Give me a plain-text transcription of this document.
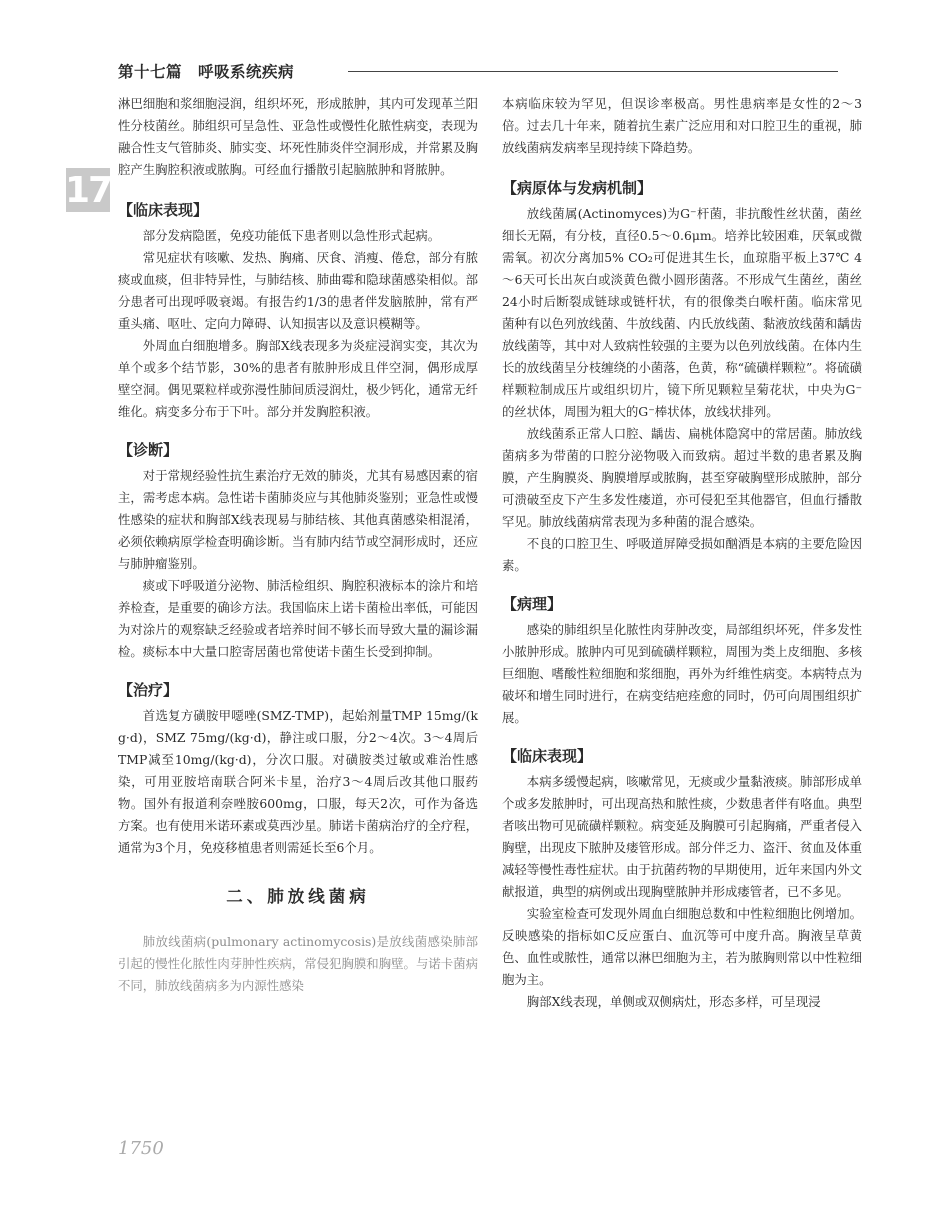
第十七篇　呼吸系统疾病
17

淋巴细胞和浆细胞浸润，组织坏死，形成脓肿，其内可发现革兰阳性分枝菌丝。肺组织可呈急性、亚急性或慢性化脓性病变，表现为融合性支气管肺炎、肺实变、坏死性肺炎伴空洞形成，并常累及胸腔产生胸腔积液或脓胸。可经血行播散引起脑脓肿和肾脓肿。

【临床表现】

部分发病隐匿，免疫功能低下患者则以急性形式起病。

常见症状有咳嗽、发热、胸痛、厌食、消瘦、倦怠，部分有脓痰或血痰，但非特异性，与肺结核、肺曲霉和隐球菌感染相似。部分患者可出现呼吸衰竭。有报告约1/3的患者伴发脑脓肿，常有严重头痛、呕吐、定向力障碍、认知损害以及意识模糊等。

外周血白细胞增多。胸部X线表现多为炎症浸润实变，其次为单个或多个结节影，30%的患者有脓肿形成且伴空洞，偶形成厚壁空洞。偶见粟粒样或弥漫性肺间质浸润灶，极少钙化，通常无纤维化。病变多分布于下叶。部分并发胸腔积液。

【诊断】

对于常规经验性抗生素治疗无效的肺炎，尤其有易感因素的宿主，需考虑本病。急性诺卡菌肺炎应与其他肺炎鉴别；亚急性或慢性感染的症状和胸部X线表现易与肺结核、其他真菌感染相混淆，必须依赖病原学检查明确诊断。当有肺内结节或空洞形成时，还应与肺肿瘤鉴别。

痰或下呼吸道分泌物、肺活检组织、胸腔积液标本的涂片和培养检查，是重要的确诊方法。我国临床上诺卡菌检出率低，可能因为对涂片的观察缺乏经验或者培养时间不够长而导致大量的漏诊漏检。痰标本中大量口腔寄居菌也常使诺卡菌生长受到抑制。

【治疗】

首选复方磺胺甲噁唑(SMZ-TMP)，起始剂量TMP 15mg/(kg·d)，SMZ 75mg/(kg·d)，静注或口服，分2～4次。3～4周后TMP减至10mg/(kg·d)，分次口服。对磺胺类过敏或难治性感染，可用亚胺培南联合阿米卡星，治疗3～4周后改其他口服药物。国外有报道利奈唑胺600mg，口服，每天2次，可作为备选方案。也有使用米诺环素或莫西沙星。肺诺卡菌病治疗的全疗程，通常为3个月，免疫移植患者则需延长至6个月。

二、肺放线菌病

肺放线菌病(pulmonary actinomycosis)是放线菌感染肺部引起的慢性化脓性肉芽肿性疾病，常侵犯胸膜和胸壁。与诺卡菌病不同，肺放线菌病多为内源性感染

本病临床较为罕见，但误诊率极高。男性患病率是女性的2～3倍。过去几十年来，随着抗生素广泛应用和对口腔卫生的重视，肺放线菌病发病率呈现持续下降趋势。

【病原体与发病机制】

放线菌属(Actinomyces)为G⁻杆菌，非抗酸性丝状菌，菌丝细长无隔，有分枝，直径0.5～0.6μm。培养比较困难，厌氧或微需氧。初次分离加5% CO₂可促进其生长，血琼脂平板上37℃ 4～6天可长出灰白或淡黄色微小圆形菌落。不形成气生菌丝，菌丝24小时后断裂成链球或链杆状，有的很像类白喉杆菌。临床常见菌种有以色列放线菌、牛放线菌、内氏放线菌、黏液放线菌和龋齿放线菌等，其中对人致病性较强的主要为以色列放线菌。在体内生长的放线菌呈分枝缠绕的小菌落，色黄，称“硫磺样颗粒”。将硫磺样颗粒制成压片或组织切片，镜下所见颗粒呈菊花状，中央为G⁻的丝状体，周围为粗大的G⁻棒状体，放线状排列。

放线菌系正常人口腔、龋齿、扁桃体隐窝中的常居菌。肺放线菌病多为带菌的口腔分泌物吸入而致病。超过半数的患者累及胸膜，产生胸膜炎、胸膜增厚或脓胸，甚至穿破胸壁形成脓肿，部分可溃破至皮下产生多发性瘘道，亦可侵犯至其他器官，但血行播散罕见。肺放线菌病常表现为多种菌的混合感染。

不良的口腔卫生、呼吸道屏障受损如酗酒是本病的主要危险因素。

【病理】

感染的肺组织呈化脓性肉芽肿改变，局部组织坏死，伴多发性小脓肿形成。脓肿内可见到硫磺样颗粒，周围为类上皮细胞、多核巨细胞、嗜酸性粒细胞和浆细胞，再外为纤维性病变。本病特点为破坏和增生同时进行，在病变结疤痊愈的同时，仍可向周围组织扩展。

【临床表现】

本病多缓慢起病，咳嗽常见，无痰或少量黏液痰。肺部形成单个或多发脓肿时，可出现高热和脓性痰，少数患者伴有咯血。典型者咳出物可见硫磺样颗粒。病变延及胸膜可引起胸痛，严重者侵入胸壁，出现皮下脓肿及瘘管形成。部分伴乏力、盗汗、贫血及体重减轻等慢性毒性症状。由于抗菌药物的早期使用，近年来国内外文献报道，典型的病例或出现胸壁脓肿并形成瘘管者，已不多见。

实验室检查可发现外周血白细胞总数和中性粒细胞比例增加。反映感染的指标如C反应蛋白、血沉等可中度升高。胸液呈草黄色、血性或脓性，通常以淋巴细胞为主，若为脓胸则常以中性粒细胞为主。

胸部X线表现，单侧或双侧病灶，形态多样，可呈现浸

1750
